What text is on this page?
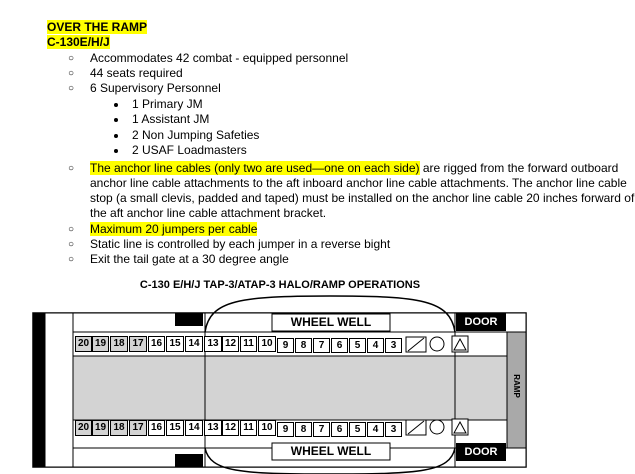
OVER THE RAMP
C-130E/H/J
○ Accommodates 42 combat - equipped personnel
○ 44 seats required
○ 6 Supervisory Personnel
1 Primary JM
1 Assistant JM
2 Non Jumping Safeties
2 USAF Loadmasters
○ The anchor line cables (only two are used—one on each side) are rigged from the forward outboard
anchor line cable attachments to the aft inboard anchor line cable attachments. The anchor line cable
stop (a small clevis, padded and taped) must be installed on the anchor line cable 20 inches forward of
the aft anchor line cable attachment bracket.
○ Maximum 20 jumpers per cable
○ Static line is controlled by each jumper in a reverse bight
○ Exit the tail gate at a 30 degree angle
C-130 E/H/J TAP-3/ATAP-3 HALO/RAMP OPERATIONS
WHEEL WELL
WHEEL WELL
DOOR
DOOR
RAMP
20 19 18 17 16 15 14 13 12 11 10	9	8	7	6	5	4	3
20 19 18 17 16 15 14 13 12 11 10	9	8	7	6	5	4	3
